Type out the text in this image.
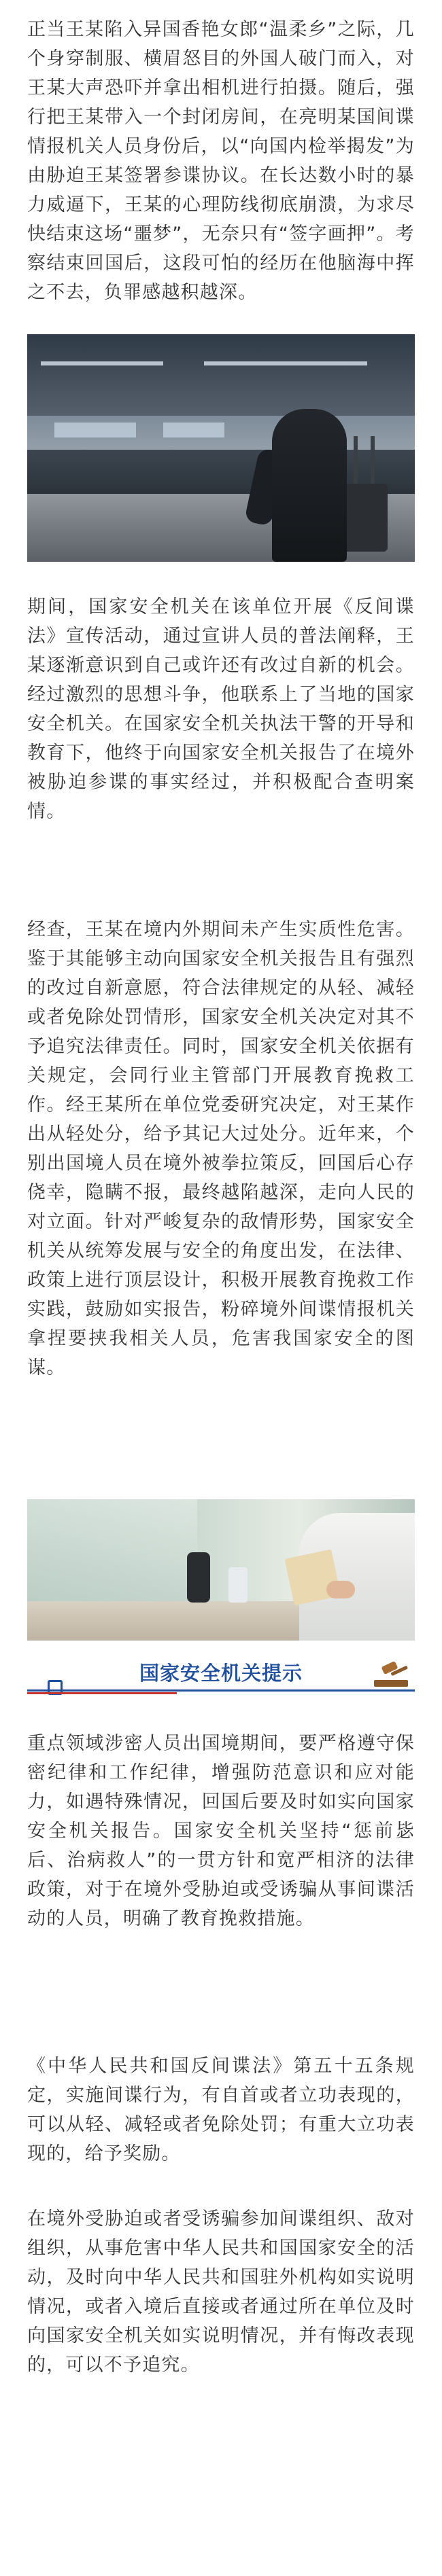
正当王某陷入异国香艳女郎“温柔乡”之际，几个身穿制服、横眉怒目的外国人破门而入，对王某大声恐吓并拿出相机进行拍摄。随后，强行把王某带入一个封闭房间，在亮明某国间谍情报机关人员身份后，以“向国内检举揭发”为由胁迫王某签署参谍协议。在长达数小时的暴力威逼下，王某的心理防线彻底崩溃，为求尽快结束这场“噩梦”，无奈只有“签字画押”。考察结束回国后，这段可怕的经历在他脑海中挥之不去，负罪感越积越深。

期间，国家安全机关在该单位开展《反间谍法》宣传活动，通过宣讲人员的普法阐释，王某逐渐意识到自己或许还有改过自新的机会。经过激烈的思想斗争，他联系上了当地的国家安全机关。在国家安全机关执法干警的开导和教育下，他终于向国家安全机关报告了在境外被胁迫参谍的事实经过，并积极配合查明案情。

经查，王某在境内外期间未产生实质性危害。鉴于其能够主动向国家安全机关报告且有强烈的改过自新意愿，符合法律规定的从轻、减轻或者免除处罚情形，国家安全机关决定对其不予追究法律责任。同时，国家安全机关依据有关规定，会同行业主管部门开展教育挽救工作。经王某所在单位党委研究决定，对王某作出从轻处分，给予其记大过处分。近年来，个别出国境人员在境外被拳拉策反，回国后心存侥幸，隐瞒不报，最终越陷越深，走向人民的对立面。针对严峻复杂的敌情形势，国家安全机关从统筹发展与安全的角度出发，在法律、政策上进行顶层设计，积极开展教育挽救工作实践，鼓励如实报告，粉碎境外间谍情报机关拿捏要挟我相关人员，危害我国家安全的图谋。

国家安全机关提示

重点领域涉密人员出国境期间，要严格遵守保密纪律和工作纪律，增强防范意识和应对能力，如遇特殊情况，回国后要及时如实向国家安全机关报告。国家安全机关坚持“惩前毖后、治病救人”的一贯方针和宽严相济的法律政策，对于在境外受胁迫或受诱骗从事间谍活动的人员，明确了教育挽救措施。

《中华人民共和国反间谍法》第五十五条规定，实施间谍行为，有自首或者立功表现的，可以从轻、减轻或者免除处罚；有重大立功表现的，给予奖励。

在境外受胁迫或者受诱骗参加间谍组织、敌对组织，从事危害中华人民共和国国家安全的活动，及时向中华人民共和国驻外机构如实说明情况，或者入境后直接或者通过所在单位及时向国家安全机关如实说明情况，并有悔改表现的，可以不予追究。
